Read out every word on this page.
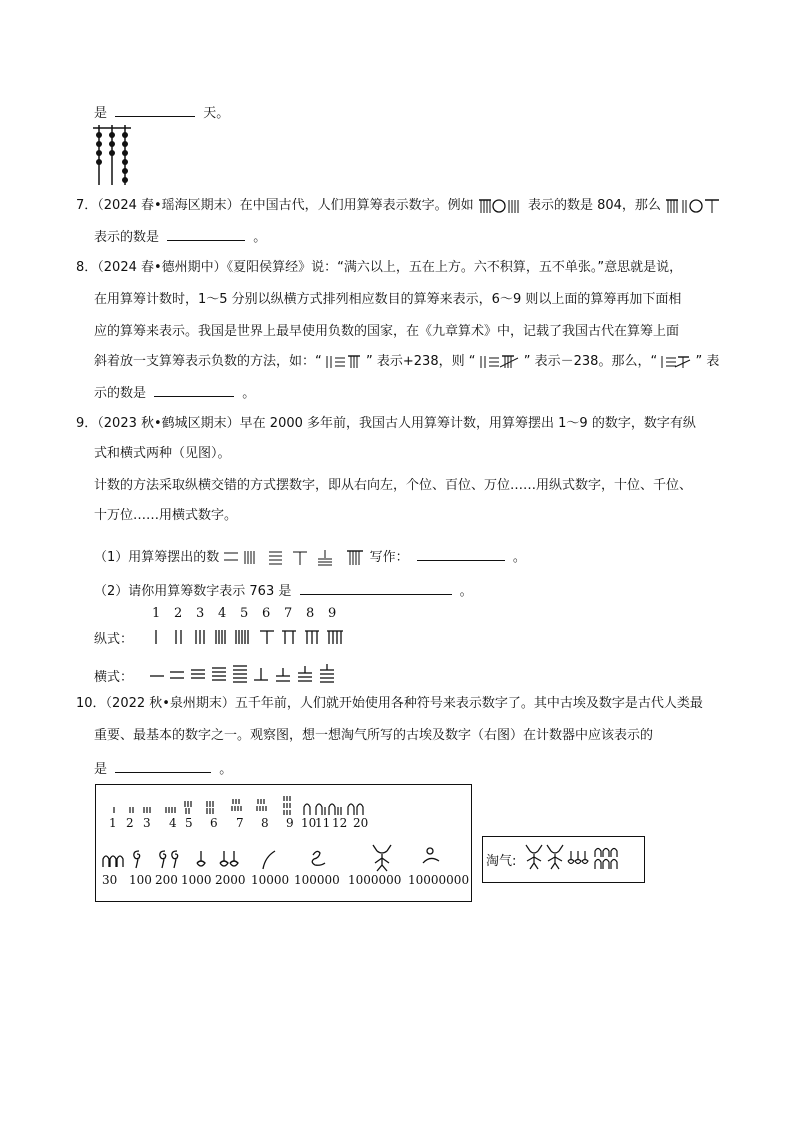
是	天。
7．（2024 春•瑶海区期末）在中国古代，人们用算筹表示数字。例如	表示的数是 804，那么
表示的数是	。
8．（2024 春•德州期中）《夏阳侯算经》说：“满六以上，五在上方。六不积算，五不单张。”意思就是说，
在用算筹计数时，1～5 分别以纵横方式排列相应数目的算筹来表示，6～9 则以上面的算筹再加下面相
应的算筹来表示。我国是世界上最早使用负数的国家，在《九章算术》中，记载了我国古代在算筹上面
斜着放一支算筹表示负数的方法，如：“	” 表示+238，则 “	” 表示－238。那么，“	” 表
示的数是	。
9．（2023 秋•鹤城区期末）早在 2000 多年前，我国古人用算筹计数，用算筹摆出 1～9 的数字，数字有纵
式和横式两种（见图）。
计数的方法采取纵横交错的方式摆数字，即从右向左，个位、百位、万位……用纵式数字，十位、千位、
十万位……用横式数字。
（1）用算筹摆出的数	写作：	。
（2）请你用算筹数字表示 763 是	。
1 2 3 4 5 6 7 8 9
纵式：
横式：
10．（2022 秋•泉州期末）五千年前，人们就开始使用各种符号来表示数字了。其中古埃及数字是古代人类最
重要、最基本的数字之一。观察图，想一想淘气所写的古埃及数字（右图）在计数器中应该表示的
是	。
1 2 3 4 5 6 7 8 9 10
11 12 20
30 100 200 1000 2000 10000 100000 1000000 10000000
淘气:
